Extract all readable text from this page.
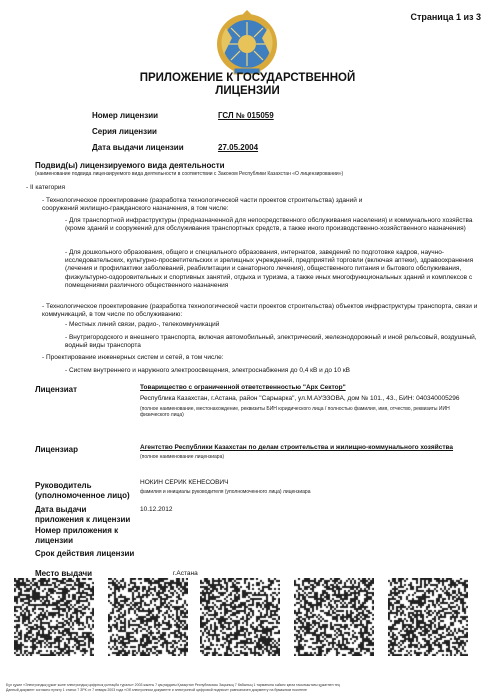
Страница 1 из 3
ПРИЛОЖЕНИЕ К ГОСУДАРСТВЕННОЙ
ЛИЦЕНЗИИ
Номер лицензии	ГСЛ № 015059
Серия лицензии
Дата выдачи лицензии	27.05.2004
Подвид(ы) лицензируемого вида деятельности
(наименование подвида лицензируемого вида деятельности в соответствии с Законом Республики Казахстан «О лицензировании»)
- II категория
- Технологическое проектирование (разработка технологической части проектов строительства) зданий и
сооружений жилищно-гражданского назначения, в том числе:
- Для транспортной инфраструктуры (предназначенной для непосредственного обслуживания населения) и коммунального хозяйства (кроме зданий и сооружений для обслуживания транспортных средств, а также иного производственно-хозяйственного назначения)
- Для дошкольного образования, общего и специального образования, интернатов, заведений по подготовке кадров, научно-исследовательских, культурно-просветительских и зрелищных учреждений, предприятий торговли (включая аптеки), здравоохранения (лечения и профилактики заболеваний, реабилитации и санаторного лечения), общественного питания и бытового обслуживания, физкультурно-оздоровительных и спортивных занятий, отдыха и туризма, а также иных многофункциональных зданий и комплексов с помещениями различного общественного назначения
- Технологическое проектирование (разработка технологической части проектов строительства) объектов инфраструктуры транспорта, связи и коммуникаций, в том числе по обслуживанию:
- Местных линий связи, радио-, телекоммуникаций
- Внутригородского и внешнего транспорта, включая автомобильный, электрический, железнодорожный и иной рельсовый, воздушный, водный виды транспорта
- Проектирование инженерных систем и сетей, в том числе:
- Систем внутреннего и наружного электроосвещения, электроснабжения до 0,4 кВ и до 10 кВ
Лицензиат	Товарищество с ограниченной ответственностью "Арх Сектор"
Республика Казахстан, г.Астана, район "Сарыарка", ул.М.АУЭЗОВА, дом № 101., 43., БИН: 040340005296
(полное наименование, местонахождение, реквизиты БИН юридического лица / полностью фамилия, имя, отчество, реквизиты ИИН физического лица)
Лицензиар	Агентство Республики Казахстан по делам строительства и жилищно-коммунального хозяйства
(полное наименование лицензиара)
Руководитель (уполномоченное лицо)
НОКИН СЕРИК КЕНЕСОВИЧ
фамилия и инициалы руководителя (уполномоченного лица) лицензиара
Дата выдачи приложения к лицензии
10.12.2012
Номер приложения к лицензии
Срок действия лицензии
Место выдачи	г.Астана
Бұл құжат «Электрондық құжат және электрондық цифрлық қолтаңба туралы» 2003 жылғы 7 қаңтардағы Қазақстан Республикасы Заңының 7 бабының 1 тармағына сәйкес қағаз тасығыштағы құжатпен тең
Данный документ согласно пункту 1 статьи 7 ЗРК от 7 января 2003 года «Об электронном документе и электронной цифровой подписи» равнозначен документу на бумажном носителе
